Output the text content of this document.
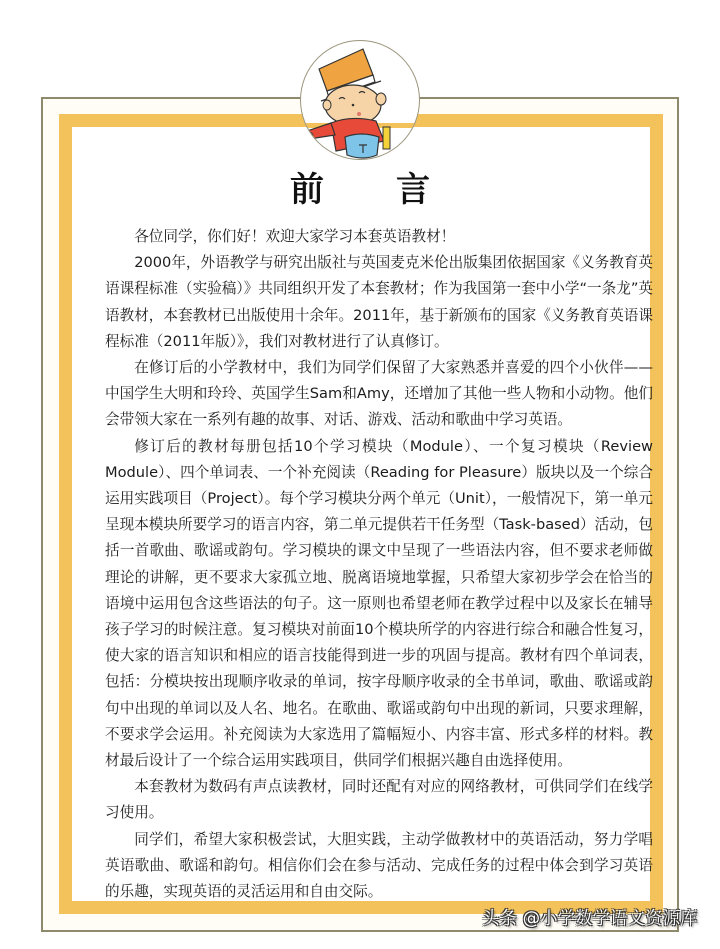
前 言

各位同学，你们好！欢迎大家学习本套英语教材！

2000年，外语教学与研究出版社与英国麦克米伦出版集团依据国家《义务教育英语课程标准（实验稿）》共同组织开发了本套教材；作为我国第一套中小学“一条龙”英语教材，本套教材已出版使用十余年。2011年，基于新颁布的国家《义务教育英语课程标准（2011年版）》，我们对教材进行了认真修订。

在修订后的小学教材中，我们为同学们保留了大家熟悉并喜爱的四个小伙伴——中国学生大明和玲玲、英国学生Sam和Amy，还增加了其他一些人物和小动物。他们会带领大家在一系列有趣的故事、对话、游戏、活动和歌曲中学习英语。

修订后的教材每册包括10个学习模块（Module）、一个复习模块（Review Module）、四个单词表、一个补充阅读（Reading for Pleasure）版块以及一个综合运用实践项目（Project）。每个学习模块分两个单元（Unit），一般情况下，第一单元呈现本模块所要学习的语言内容，第二单元提供若干任务型（Task-based）活动，包括一首歌曲、歌谣或韵句。学习模块的课文中呈现了一些语法内容，但不要求老师做理论的讲解，更不要求大家孤立地、脱离语境地掌握，只希望大家初步学会在恰当的语境中运用包含这些语法的句子。这一原则也希望老师在教学过程中以及家长在辅导孩子学习的时候注意。复习模块对前面10个模块所学的内容进行综合和融合性复习，使大家的语言知识和相应的语言技能得到进一步的巩固与提高。教材有四个单词表，包括：分模块按出现顺序收录的单词，按字母顺序收录的全书单词，歌曲、歌谣或韵句中出现的单词以及人名、地名。在歌曲、歌谣或韵句中出现的新词，只要求理解，不要求学会运用。补充阅读为大家选用了篇幅短小、内容丰富、形式多样的材料。教材最后设计了一个综合运用实践项目，供同学们根据兴趣自由选择使用。

本套教材为数码有声点读教材，同时还配有对应的网络教材，可供同学们在线学习使用。

同学们，希望大家积极尝试，大胆实践，主动学做教材中的英语活动，努力学唱英语歌曲、歌谣和韵句。相信你们会在参与活动、完成任务的过程中体会到学习英语的乐趣，实现英语的灵活运用和自由交际。

头条 @小学数学语文资源库
